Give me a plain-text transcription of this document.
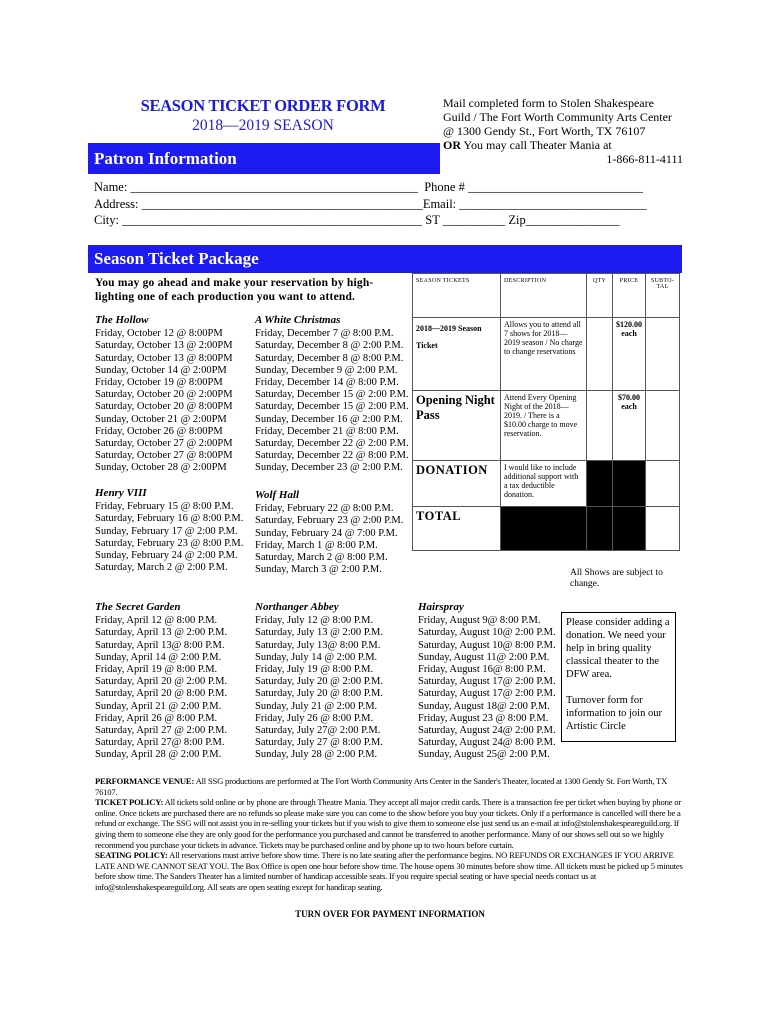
SEASON TICKET ORDER FORM
2018—2019 SEASON
Mail completed form to Stolen Shakespeare
Guild / The Fort Worth Community Arts Center
@ 1300 Gendy St., Fort Worth, TX 76107
OR You may call Theater Mania at
1-866-811-4111
Patron Information
Name: ______________________________________________  Phone # ____________________________
Address: _____________________________________________Email: ______________________________
City: ________________________________________________ ST __________ Zip_______________
Season Ticket Package
You may go ahead and make your reservation by high-lighting one of each production you want to attend.
The Hollow
Friday, October 12 @ 8:00PM
Saturday, October 13 @ 2:00PM
Saturday, October 13 @ 8:00PM
Sunday, October 14 @ 2:00PM
Friday, October 19 @ 8:00PM
Saturday, October 20 @ 2:00PM
Saturday, October 20 @ 8:00PM
Sunday, October 21 @ 2:00PM
Friday, October 26 @ 8:00PM
Saturday, October 27 @ 2:00PM
Saturday, October 27 @ 8:00PM
Sunday, October 28 @ 2:00PM
A White Christmas
Friday, December 7 @ 8:00 P.M.
Saturday, December 8 @ 2:00 P.M.
Saturday, December 8 @ 8:00 P.M.
Sunday, December 9 @ 2:00 P.M.
Friday, December 14 @ 8:00 P.M.
Saturday, December 15 @ 2:00 P.M.
Saturday, December 15 @ 2:00 P.M.
Sunday, December 16 @ 2:00 P.M.
Friday, December 21 @ 8:00 P.M.
Saturday, December 22 @ 2:00 P.M.
Saturday, December 22 @ 8:00 P.M.
Sunday, December 23 @ 2:00 P.M.
Henry VIII
Friday, February 15 @ 8:00 P.M.
Saturday, February 16 @ 8:00 P.M.
Sunday, February 17 @ 2:00 P.M.
Saturday, February 23 @ 8:00 P.M.
Sunday, February 24 @ 2:00 P.M.
Saturday, March 2 @ 2:00 P.M.
Wolf Hall
Friday, February 22 @ 8:00 P.M.
Saturday, February 23 @ 2:00 P.M.
Sunday, February 24 @ 7:00 P.M.
Friday, March 1 @ 8:00 P.M.
Saturday, March 2 @ 8:00 P.M.
Sunday, March 3 @ 2:00 P.M.
The Secret Garden
Friday, April 12 @ 8:00 P.M.
Saturday, April 13 @ 2:00 P.M.
Saturday, April 13@ 8:00 P.M.
Sunday, April 14 @ 2:00 P.M.
Friday, April 19 @ 8:00 P.M.
Saturday, April 20 @ 2:00 P.M.
Saturday, April 20 @ 8:00 P.M.
Sunday, April 21 @ 2:00 P.M.
Friday, April 26 @ 8:00 P.M.
Saturday, April 27 @ 2:00 P.M.
Saturday, April 27@ 8:00 P.M.
Sunday, April 28 @ 2:00 P.M.
Northanger Abbey
Friday, July 12 @ 8:00 P.M.
Saturday, July 13 @ 2:00 P.M.
Saturday, July 13@ 8:00 P.M.
Sunday, July 14 @ 2:00 P.M.
Friday, July 19 @ 8:00 P.M.
Saturday, July 20 @ 2:00 P.M.
Saturday, July 20 @ 8:00 P.M.
Sunday, July 21 @ 2:00 P.M.
Friday, July 26 @ 8:00 P.M.
Saturday, July 27@ 2:00 P.M.
Saturday, July 27 @ 8:00 P.M.
Sunday, July 28 @ 2:00 P.M.
Hairspray
Friday, August 9@ 8:00 P.M.
Saturday, August 10@ 2:00 P.M.
Saturday, August 10@ 8:00 P.M.
Sunday, August 11@ 2:00 P.M.
Friday, August 16@ 8:00 P.M.
Saturday, August 17@ 2:00 P.M.
Saturday, August 17@ 2:00 P.M.
Sunday, August 18@ 2:00 P.M.
Friday, August 23 @ 8:00 P.M.
Saturday, August 24@ 2:00 P.M.
Saturday, August 24@ 8:00 P.M.
Sunday, August 25@ 2:00 P.M.
SEASON TICKETS	DESCRIPTION	QTY	PRICE	SUBTO-TAL
2018—2019 Season Ticket	Allows you to attend all 7 shows for 2018—2019 season / No charge to change reservations		$120.00 each	
Opening Night Pass	Attend Every Opening Night of the 2018—2019. / There is a $10.00 charge to move reservation.		$70.00 each	
DONATION	I would like to include additional support with a tax deductible donation.			
TOTAL				
All Shows are subject to change.
Please consider adding a donation. We need your help in bring quality classical theater to the DFW area.
Turnover form for information to join our Artistic Circle
PERFORMANCE VENUE: All SSG productions are performed at The Fort Worth Community Arts Center in the Sander's Theater, located at 1300 Gendy St. Fort Worth, TX 76107.
TICKET POLICY: All tickets sold online or by phone are through Theatre Mania. They accept all major credit cards. There is a transaction fee per ticket when buying by phone or online. Once tickets are purchased there are no refunds so please make sure you can come to the show before you buy your tickets. Only if a performance is cancelled will there be a refund or exchange. The SSG will not assist you in re-selling your tickets but if you wish to give them to someone else just send us an e-mail at info@stolenshakespeareguild.org. If giving them to someone else they are only good for the performance you purchased and cannot be transferred to another performance. Many of our shows sell out so we highly recommend you purchase your tickets in advance. Tickets may be purchased online and by phone up to two hours before curtain.
SEATING POLICY: All reservations must arrive before show time. There is no late seating after the performance begins. NO REFUNDS OR EXCHANGES IF YOU ARRIVE LATE AND WE CANNOT SEAT YOU. The Box Office is open one hour before show time. The house opens 30 minutes before show time. All tickets must be picked up 5 minutes before show time. The Sanders Theater has a limited number of handicap accessible seats. If you require special seating or have special needs contact us at info@stolenshakespeareguild.org. All seats are open seating except for handicap seating.
TURN OVER FOR PAYMENT INFORMATION
